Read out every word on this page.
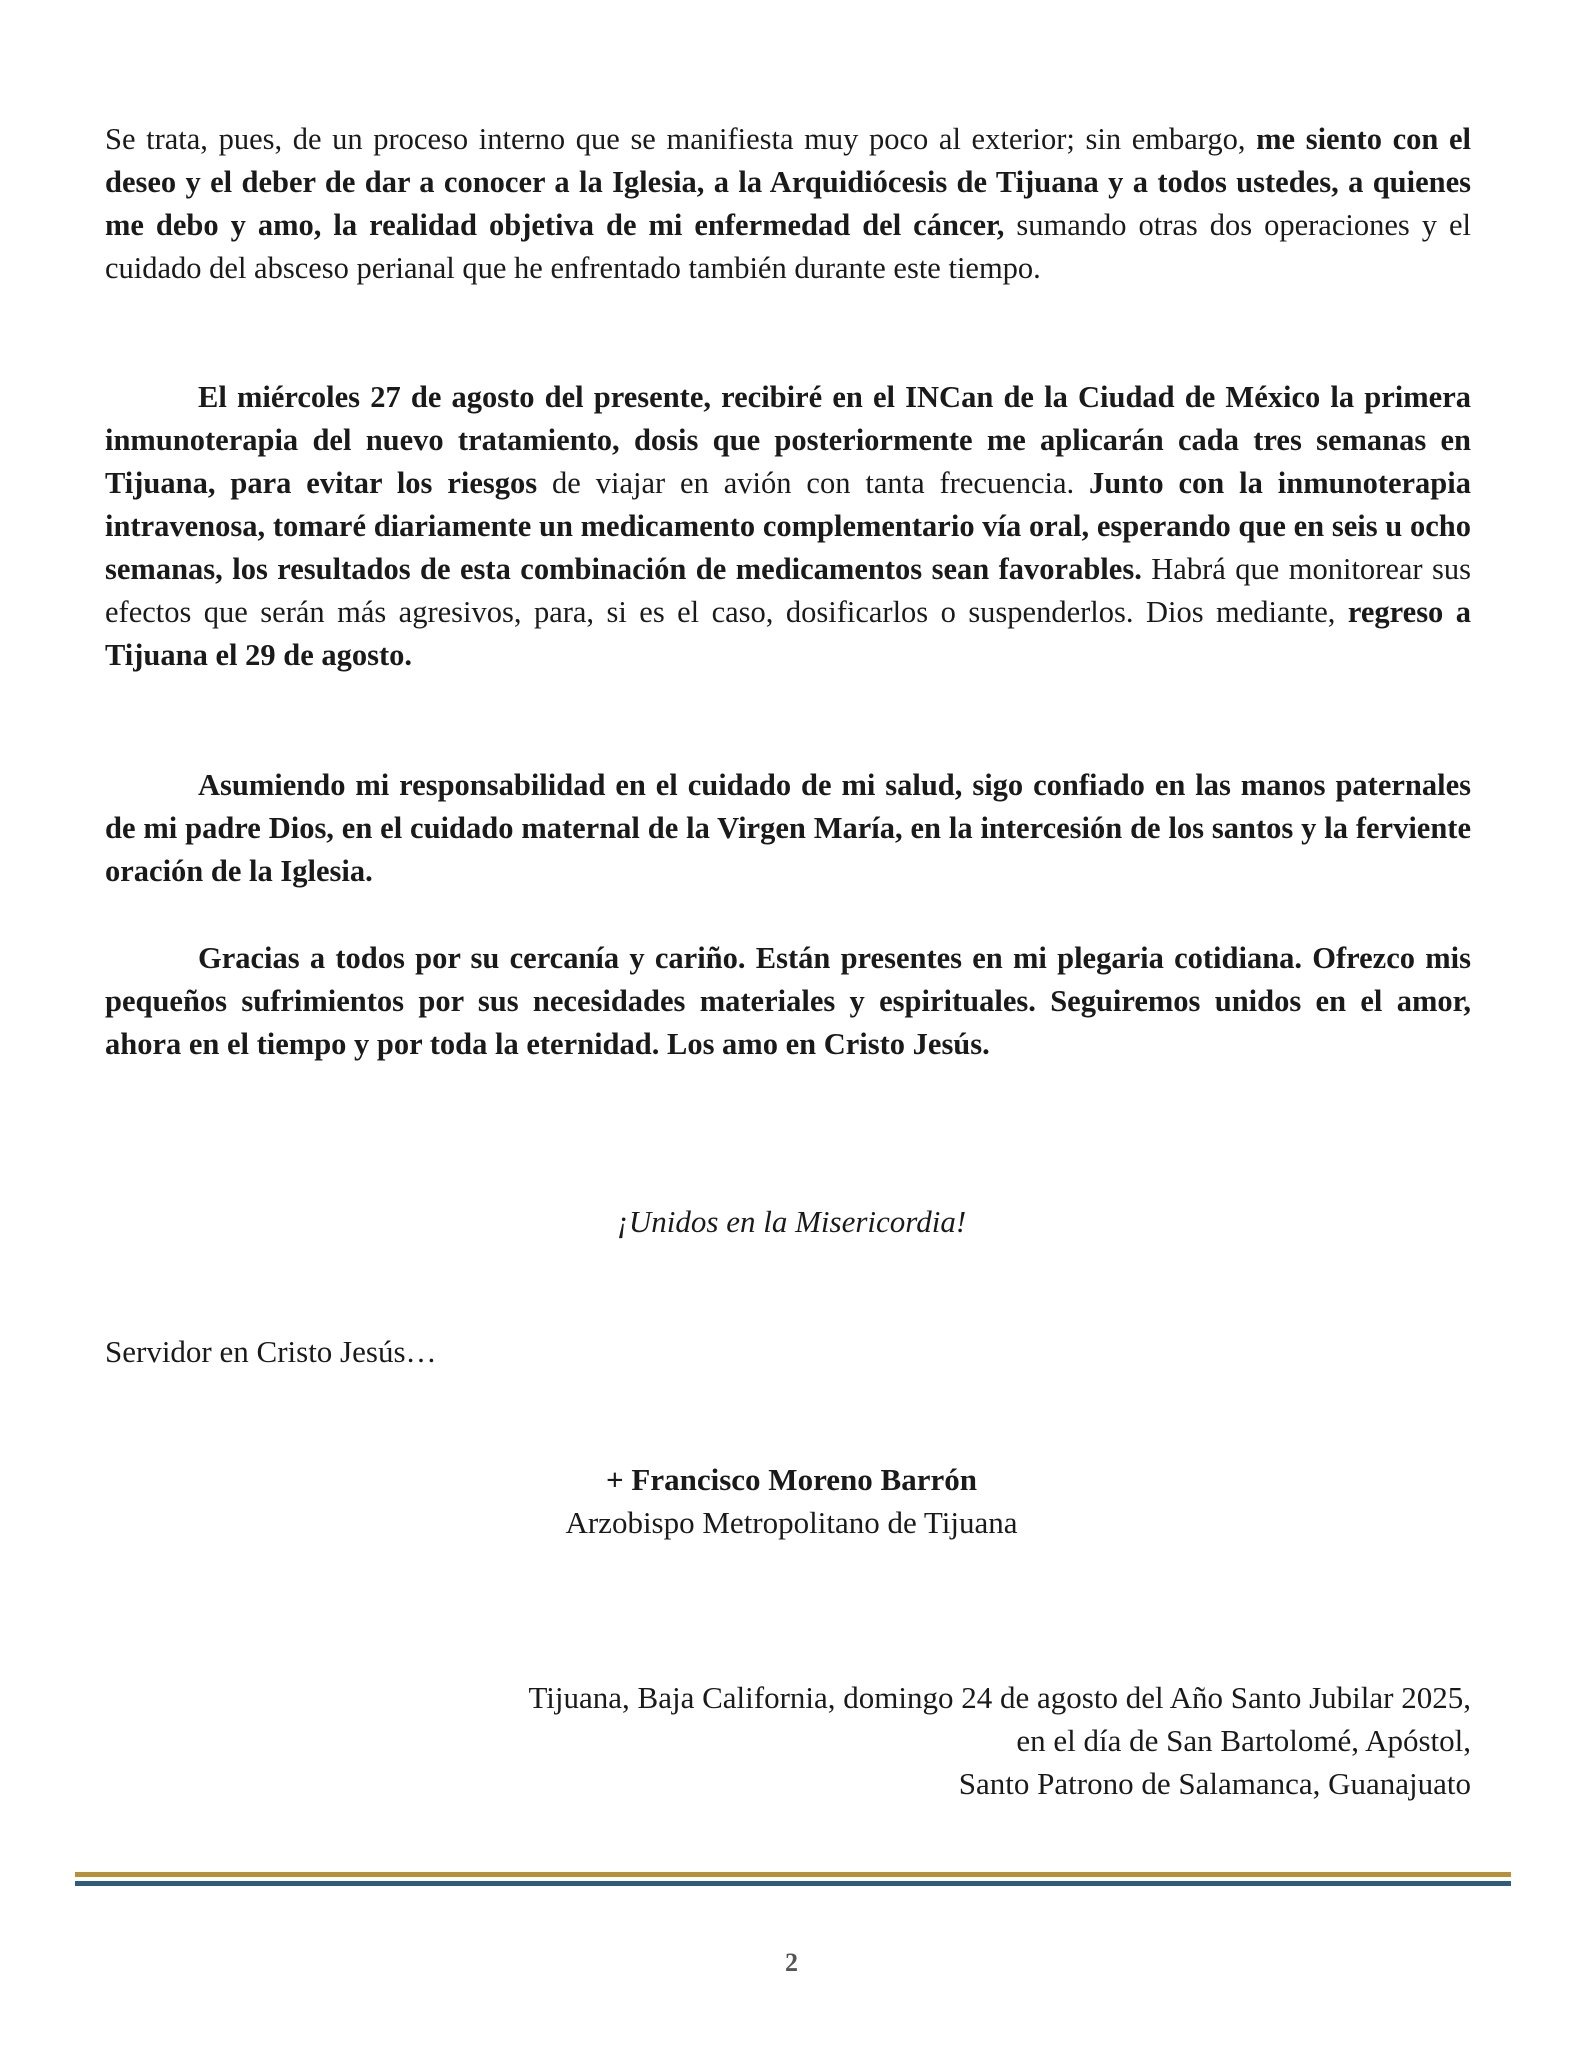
Se trata, pues, de un proceso interno que se manifiesta muy poco al exterior; sin embargo, me siento con el deseo y el deber de dar a conocer a la Iglesia, a la Arquidiócesis de Tijuana y a todos ustedes, a quienes me debo y amo, la realidad objetiva de mi enfermedad del cáncer, sumando otras dos operaciones y el cuidado del absceso perianal que he enfrentado también durante este tiempo.

El miércoles 27 de agosto del presente, recibiré en el INCan de la Ciudad de México la primera inmunoterapia del nuevo tratamiento, dosis que posteriormente me aplicarán cada tres semanas en Tijuana, para evitar los riesgos de viajar en avión con tanta frecuencia. Junto con la inmunoterapia intravenosa, tomaré diariamente un medicamento complementario vía oral, esperando que en seis u ocho semanas, los resultados de esta combinación de medicamentos sean favorables. Habrá que monitorear sus efectos que serán más agresivos, para, si es el caso, dosificarlos o suspenderlos. Dios mediante, regreso a Tijuana el 29 de agosto.

Asumiendo mi responsabilidad en el cuidado de mi salud, sigo confiado en las manos paternales de mi padre Dios, en el cuidado maternal de la Virgen María, en la intercesión de los santos y la ferviente oración de la Iglesia.

Gracias a todos por su cercanía y cariño. Están presentes en mi plegaria cotidiana. Ofrezco mis pequeños sufrimientos por sus necesidades materiales y espirituales. Seguiremos unidos en el amor, ahora en el tiempo y por toda la eternidad. Los amo en Cristo Jesús.

¡Unidos en la Misericordia!

Servidor en Cristo Jesús…

+ Francisco Moreno Barrón
Arzobispo Metropolitano de Tijuana
Tijuana, Baja California, domingo 24 de agosto del Año Santo Jubilar 2025,
en el día de San Bartolomé, Apóstol,
Santo Patrono de Salamanca, Guanajuato
2
